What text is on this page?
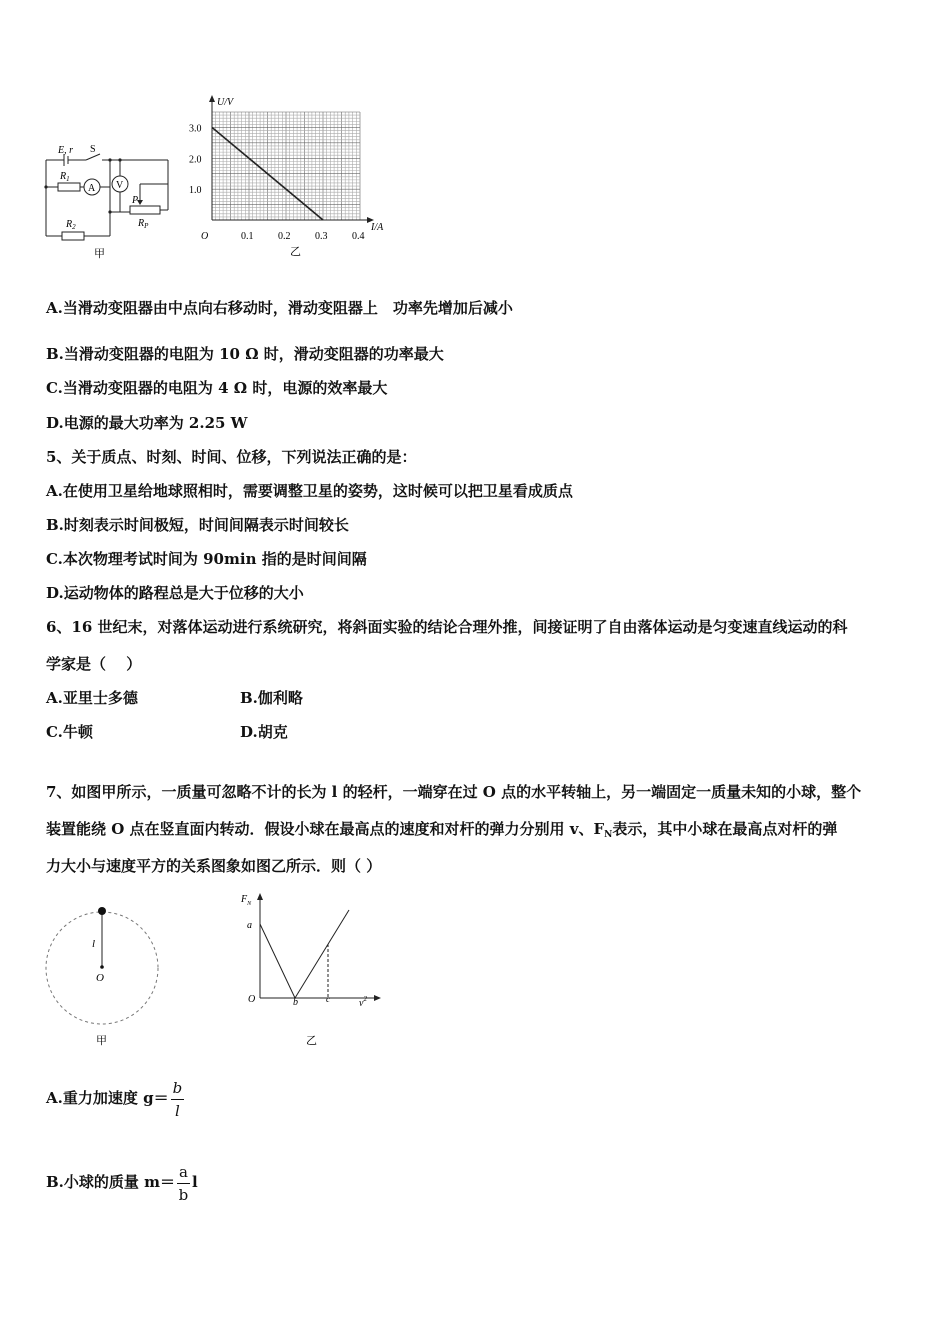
E, r S
$R_1$
A V
P
$R_P$
$R_2$
甲
0.1 0.2 0.3 0.4
1.0
2.0
3.0
U/V
I/A
O
乙
A.当滑动变阻器由中点向右移动时，滑动变阻器上　功率先增加后减小
B.当滑动变阻器的电阻为 10 Ω 时，滑动变阻器的功率最大
C.当滑动变阻器的电阻为 4 Ω 时，电源的效率最大
D.电源的最大功率为 2.25 W
5、关于质点、时刻、时间、位移，下列说法正确的是：
A.在使用卫星给地球照相时，需要调整卫星的姿势，这时候可以把卫星看成质点
B.时刻表示时间极短，时间间隔表示时间较长
C.本次物理考试时间为 90min 指的是时间间隔
D.运动物体的路程总是大于位移的大小
6、16 世纪末，对落体运动进行系统研究，将斜面实验的结论合理外推，间接证明了自由落体运动是匀变速直线运动的科
学家是（　 ）
A.亚里士多德	B.伽利略
C.牛顿	D.胡克
7、如图甲所示，一质量可忽略不计的长为 l 的轻杆，一端穿在过 O 点的水平转轴上，另一端固定一质量未知的小球，整个
装置能绕 O 点在竖直面内转动．假设小球在最高点的速度和对杆的弹力分别用 v、$F_N$表示，其中小球在最高点对杆的弹
力大小与速度平方的关系图象如图乙所示．则（ ）
l
O
甲
$F_N$
a
O	b	c	$v^2$
乙
A.重力加速度 $g= \frac{b}{l}$
B.小球的质量 $m= \frac{a}{b}$ l
